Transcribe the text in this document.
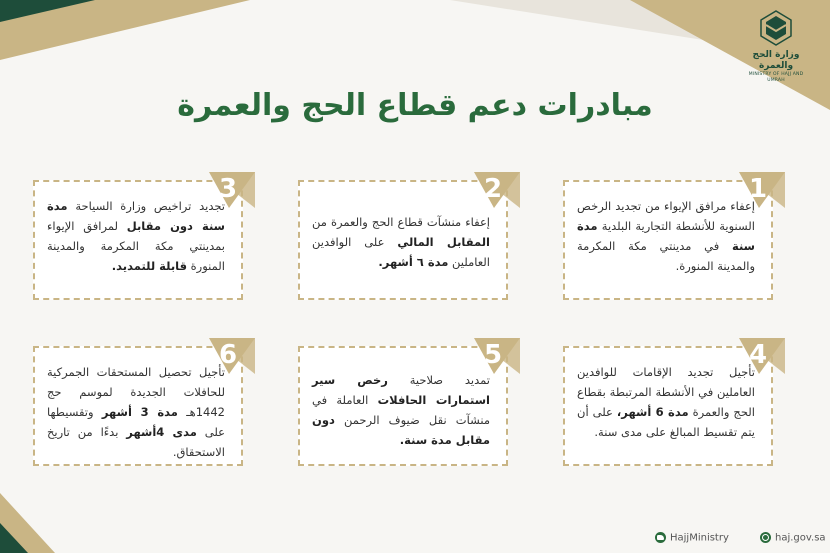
وزارة الحج والعمرة
MINISTRY OF HAJJ AND UMRAH
مبادرات دعم قطاع الحج والعمرة
إعفاء مرافق الإيواء من تجديد الرخص السنوية للأنشطة التجارية البلدية مدة سنة في مدينتي مكة المكرمة والمدينة المنورة.
1
إعفاء منشآت قطاع الحج والعمرة من المقابل المالي على الوافدين العاملين مدة ٦ أشهر.
2
تجديد تراخيص وزارة السياحة مدة سنة دون مقابل لمرافق الإيواء بمدينتي مكة المكرمة والمدينة المنورة قابلة للتمديد.
3
تأجيل تجديد الإقامات للوافدين العاملين في الأنشطة المرتبطة بقطاع الحج والعمرة مدة 6 أشهر، على أن يتم تقسيط المبالغ على مدى سنة.
4
تمديد صلاحية رخص سير استمارات الحافلات العاملة في منشآت نقل ضيوف الرحمن دون مقابل مدة سنة.
5
تأجيل تحصيل المستحقات الجمركية للحافلات الجديدة لموسم حج 1442هـ مدة 3 أشهر وتقسيطها على مدى 4أشهر بدءًا من تاريخ الاستحقاق.
6
HajjMinistry	haj.gov.sa
